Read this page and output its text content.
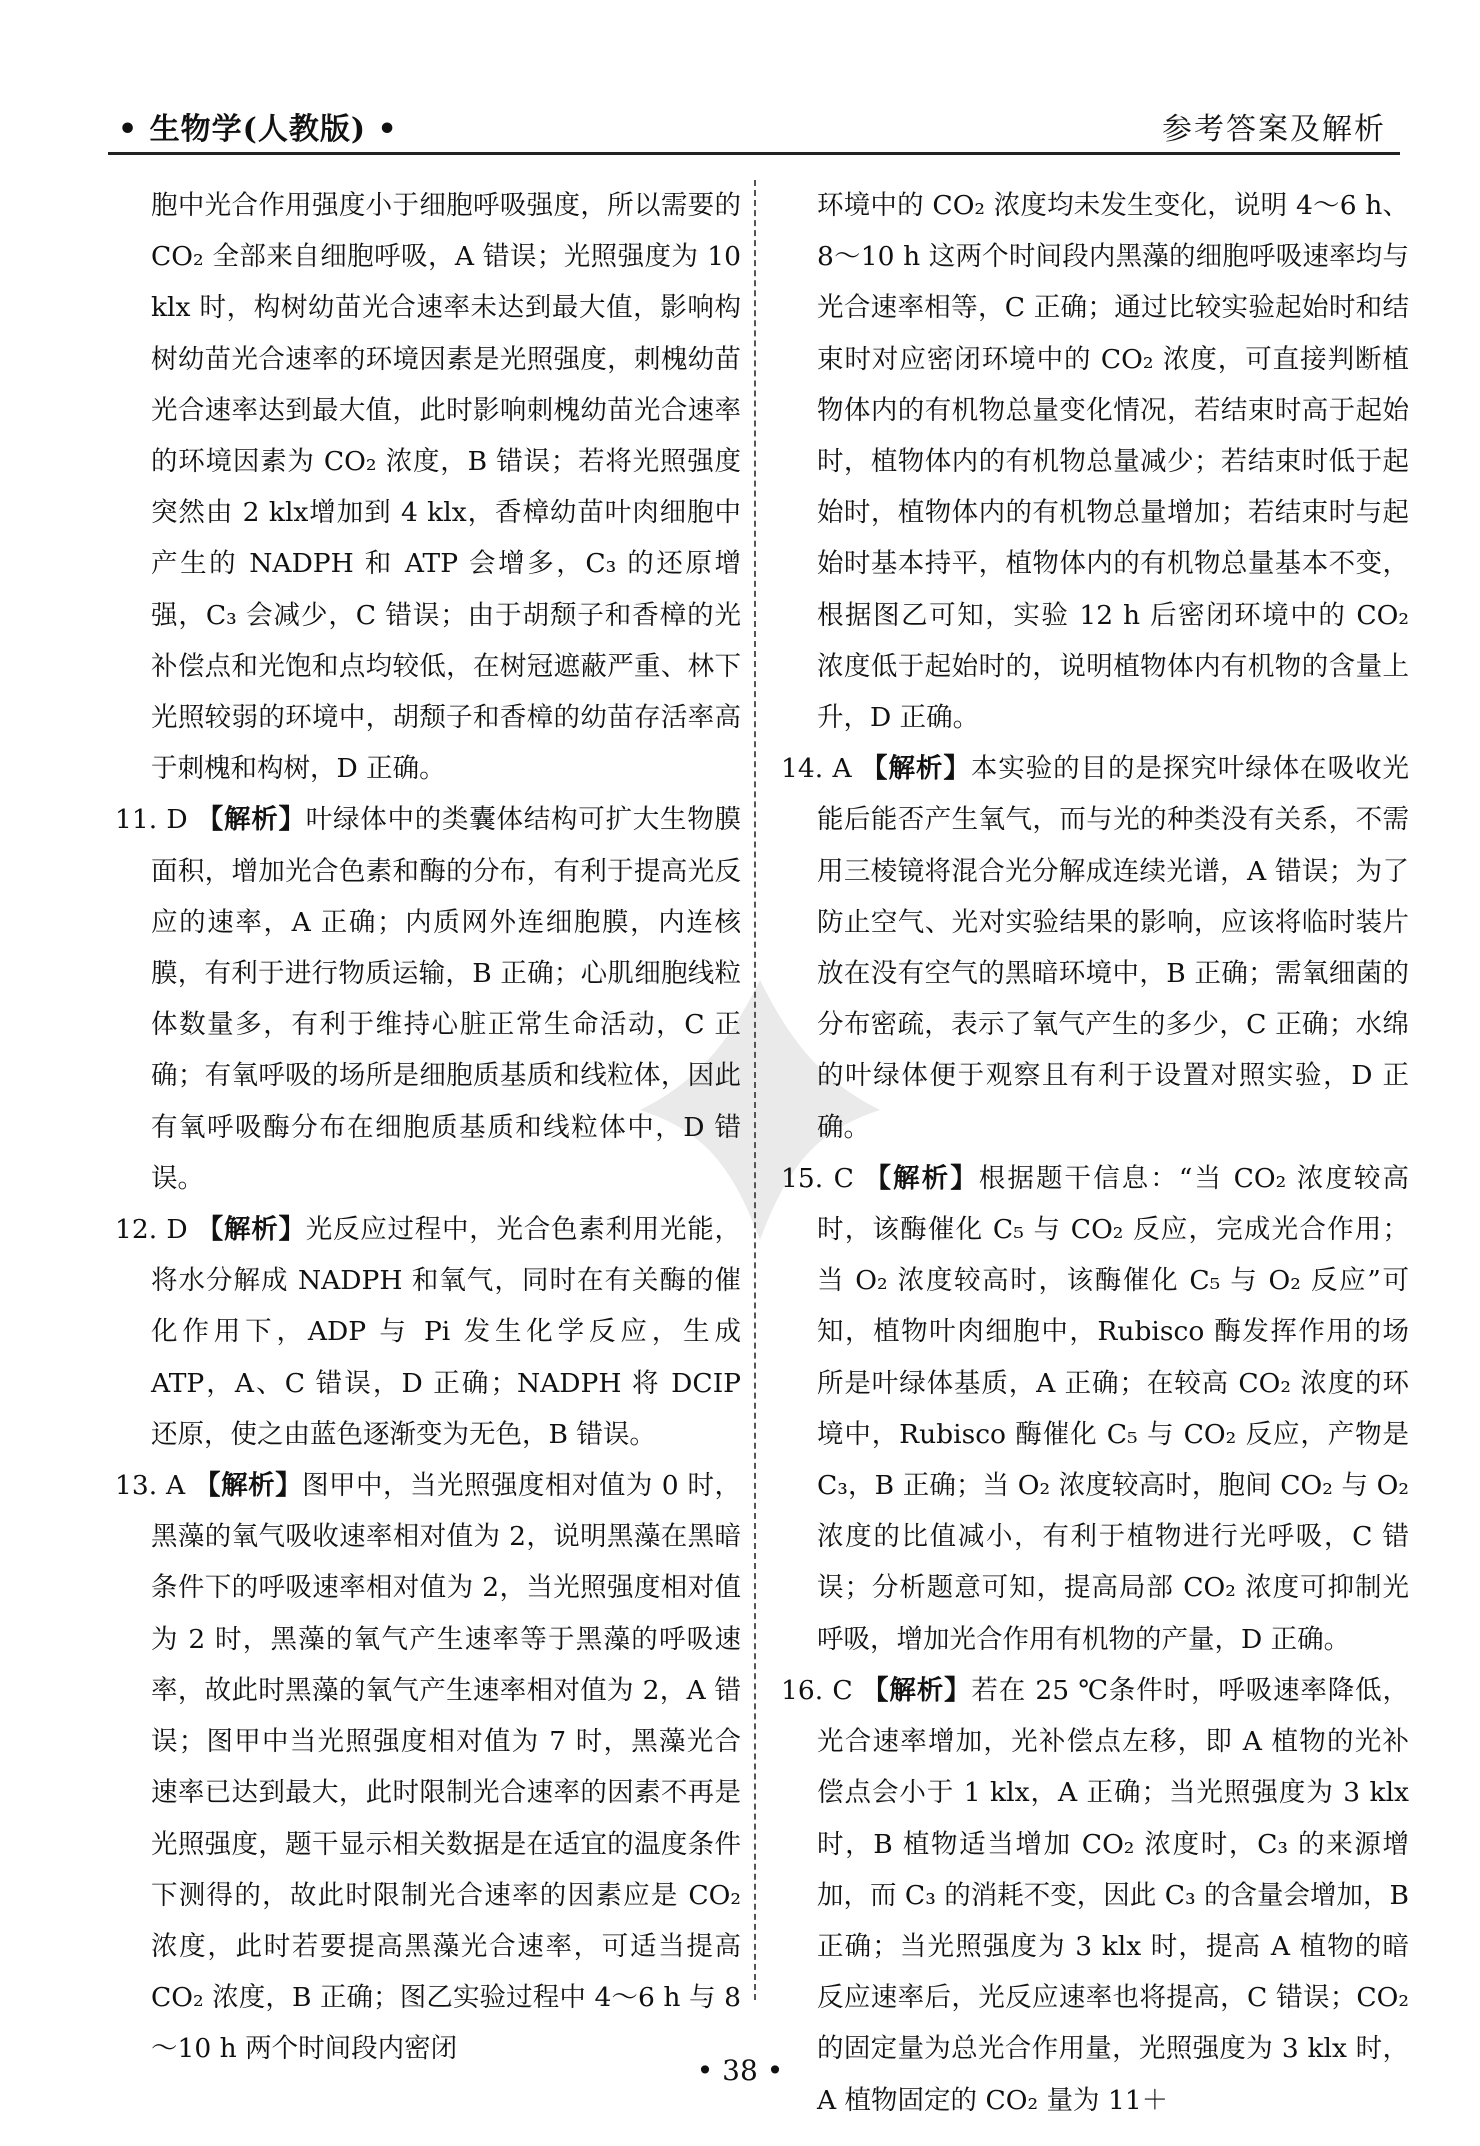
• 生物学(人教版) •	参考答案及解析
胞中光合作用强度小于细胞呼吸强度，所以需要的 CO₂ 全部来自细胞呼吸，A 错误；光照强度为 10 klx 时，构树幼苗光合速率未达到最大值，影响构树幼苗光合速率的环境因素是光照强度，刺槐幼苗光合速率达到最大值，此时影响刺槐幼苗光合速率的环境因素为 CO₂ 浓度，B 错误；若将光照强度突然由 2 klx增加到 4 klx，香樟幼苗叶肉细胞中产生的 NADPH 和 ATP 会增多，C₃ 的还原增强，C₃ 会减少，C 错误；由于胡颓子和香樟的光补偿点和光饱和点均较低，在树冠遮蔽严重、林下光照较弱的环境中，胡颓子和香樟的幼苗存活率高于刺槐和构树，D 正确。
11. D 【解析】叶绿体中的类囊体结构可扩大生物膜面积，增加光合色素和酶的分布，有利于提高光反应的速率，A 正确；内质网外连细胞膜，内连核膜，有利于进行物质运输，B 正确；心肌细胞线粒体数量多，有利于维持心脏正常生命活动，C 正确；有氧呼吸的场所是细胞质基质和线粒体，因此有氧呼吸酶分布在细胞质基质和线粒体中，D 错误。
12. D 【解析】光反应过程中，光合色素利用光能，将水分解成 NADPH 和氧气，同时在有关酶的催化作用下，ADP 与 Pi 发生化学反应，生成 ATP，A、C 错误，D 正确；NADPH 将 DCIP 还原，使之由蓝色逐渐变为无色，B 错误。
13. A 【解析】图甲中，当光照强度相对值为 0 时，黑藻的氧气吸收速率相对值为 2，说明黑藻在黑暗条件下的呼吸速率相对值为 2，当光照强度相对值为 2 时，黑藻的氧气产生速率等于黑藻的呼吸速率，故此时黑藻的氧气产生速率相对值为 2，A 错误；图甲中当光照强度相对值为 7 时，黑藻光合速率已达到最大，此时限制光合速率的因素不再是光照强度，题干显示相关数据是在适宜的温度条件下测得的，故此时限制光合速率的因素应是 CO₂ 浓度，此时若要提高黑藻光合速率，可适当提高 CO₂ 浓度，B 正确；图乙实验过程中 4～6 h 与 8～10 h 两个时间段内密闭
环境中的 CO₂ 浓度均未发生变化，说明 4～6 h、8～10 h 这两个时间段内黑藻的细胞呼吸速率均与光合速率相等，C 正确；通过比较实验起始时和结束时对应密闭环境中的 CO₂ 浓度，可直接判断植物体内的有机物总量变化情况，若结束时高于起始时，植物体内的有机物总量减少；若结束时低于起始时，植物体内的有机物总量增加；若结束时与起始时基本持平，植物体内的有机物总量基本不变，根据图乙可知，实验 12 h 后密闭环境中的 CO₂ 浓度低于起始时的，说明植物体内有机物的含量上升，D 正确。
14. A 【解析】本实验的目的是探究叶绿体在吸收光能后能否产生氧气，而与光的种类没有关系，不需用三棱镜将混合光分解成连续光谱，A 错误；为了防止空气、光对实验结果的影响，应该将临时装片放在没有空气的黑暗环境中，B 正确；需氧细菌的分布密疏，表示了氧气产生的多少，C 正确；水绵的叶绿体便于观察且有利于设置对照实验，D 正确。
15. C 【解析】根据题干信息：“当 CO₂ 浓度较高时，该酶催化 C₅ 与 CO₂ 反应，完成光合作用；当 O₂ 浓度较高时，该酶催化 C₅ 与 O₂ 反应”可知，植物叶肉细胞中，Rubisco 酶发挥作用的场所是叶绿体基质，A 正确；在较高 CO₂ 浓度的环境中，Rubisco 酶催化 C₅ 与 CO₂ 反应，产物是 C₃，B 正确；当 O₂ 浓度较高时，胞间 CO₂ 与 O₂ 浓度的比值减小，有利于植物进行光呼吸，C 错误；分析题意可知，提高局部 CO₂ 浓度可抑制光呼吸，增加光合作用有机物的产量，D 正确。
16. C 【解析】若在 25 ℃条件时，呼吸速率降低，光合速率增加，光补偿点左移，即 A 植物的光补偿点会小于 1 klx，A 正确；当光照强度为 3 klx 时，B 植物适当增加 CO₂ 浓度时，C₃ 的来源增加，而 C₃ 的消耗不变，因此 C₃ 的含量会增加，B 正确；当光照强度为 3 klx 时，提高 A 植物的暗反应速率后，光反应速率也将提高，C 错误；CO₂ 的固定量为总光合作用量，光照强度为 3 klx 时，A 植物固定的 CO₂ 量为 11＋
• 38 •
